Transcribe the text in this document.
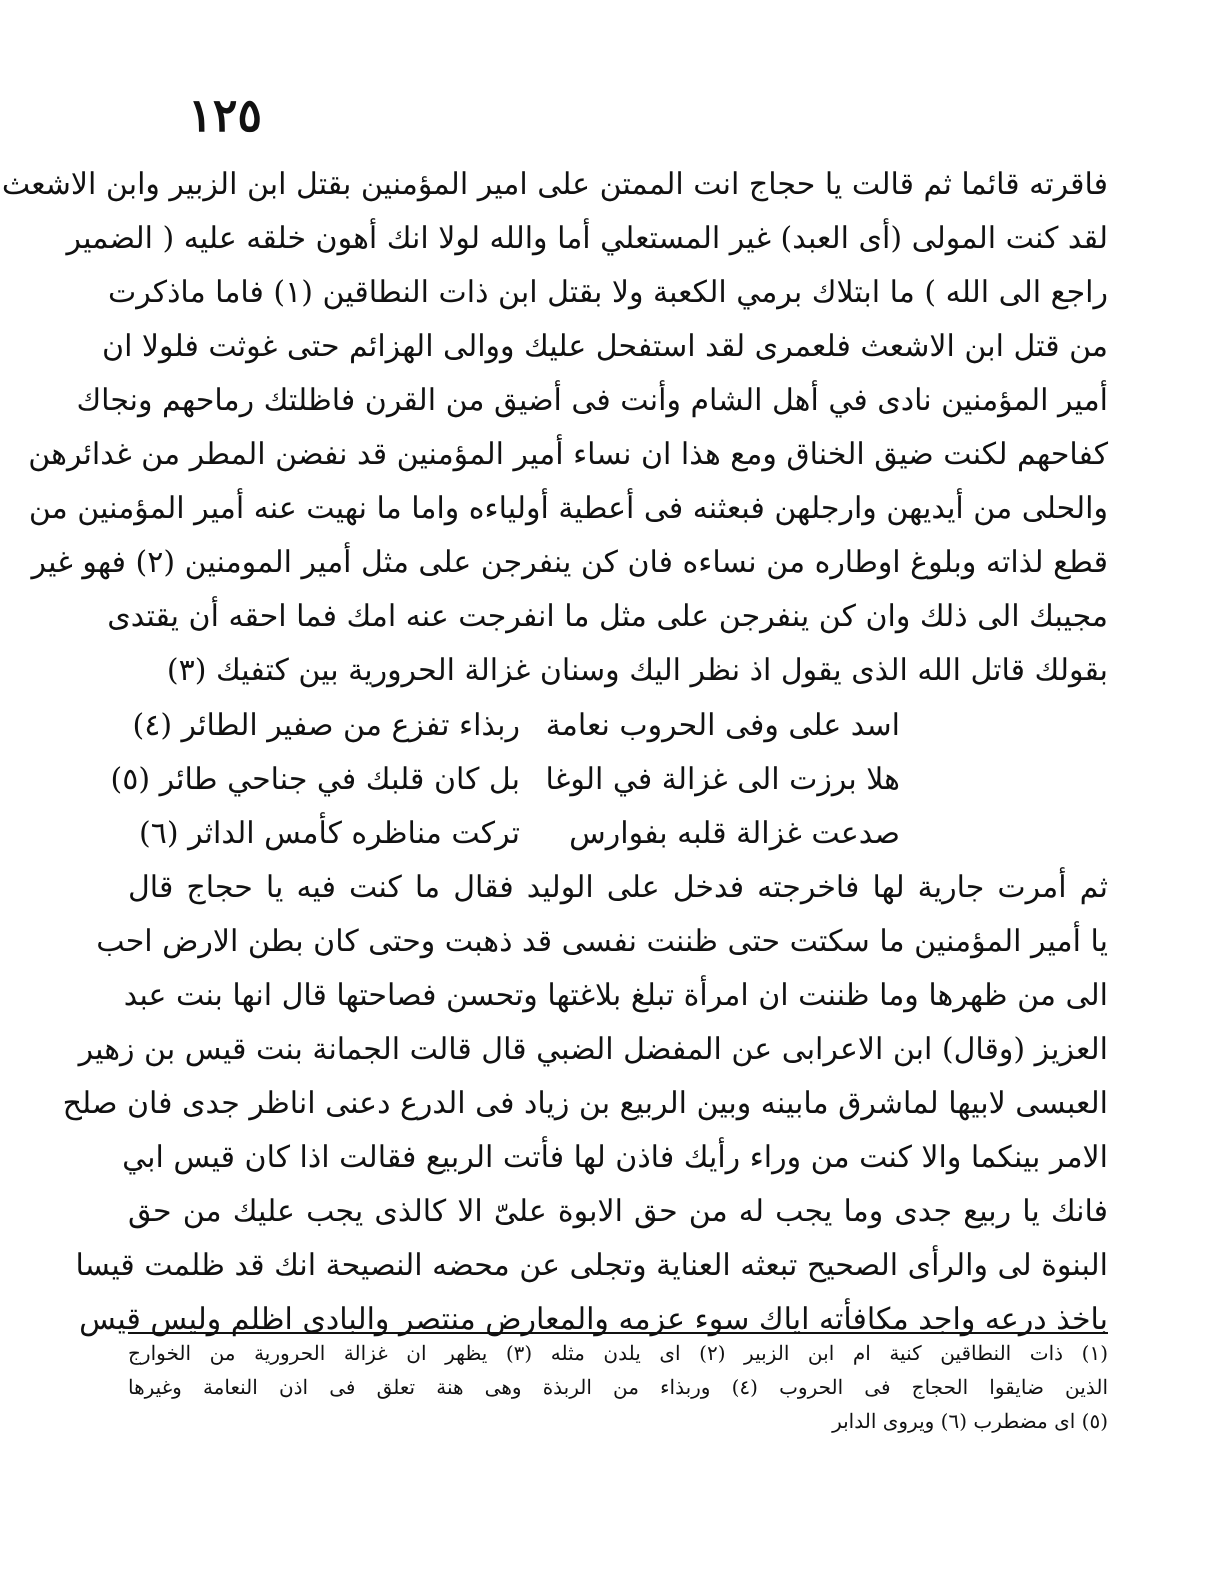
١٢٥
فاقرته قائما ثم قالت يا حجاج انت الممتن على امير المؤمنين بقتل ابن الزبير وابن الاشعث
لقد كنت المولى (أى العبد) غير المستعلي أما والله لولا انك أهون خلقه عليه ( الضمير
راجع الى الله ) ما ابتلاك برمي الكعبة ولا بقتل ابن ذات النطاقين (١) فاما ماذكرت
من قتل ابن الاشعث فلعمرى لقد استفحل عليك ووالى الهزائم حتى غوثت فلولا ان
أمير المؤمنين نادى في أهل الشام وأنت فى أضيق من القرن فاظلتك رماحهم ونجاك
كفاحهم لكنت ضيق الخناق ومع هذا ان نساء أمير المؤمنين قد نفضن المطر من غدائرهن
والحلى من أيديهن وارجلهن فبعثنه فى أعطية أولياءه واما ما نهيت عنه أمير المؤمنين من
قطع لذاته وبلوغ اوطاره من نساءه فان كن ينفرجن على مثل أمير المومنين (٢) فهو غير
مجيبك الى ذلك وان كن ينفرجن على مثل ما انفرجت عنه امك فما احقه أن يقتدى
بقولك قاتل الله الذى يقول اذ نظر اليك وسنان غزالة الحرورية بين كتفيك (٣)
اسد على وفى الحروب نعامة
ربذاء تفزع من صفير الطائر (٤)
هلا برزت الى غزالة في الوغا
بل كان قلبك في جناحي طائر (٥)
صدعت غزالة قلبه بفوارس
تركت مناظره كأمس الداثر (٦)
ثم أمرت جارية لها فاخرجته فدخل على الوليد فقال ما كنت فيه يا حجاج قال
يا أمير المؤمنين ما سكتت حتى ظننت نفسى قد ذهبت وحتى كان بطن الارض احب
الى من ظهرها وما ظننت ان امرأة تبلغ بلاغتها وتحسن فصاحتها قال انها بنت عبد
العزيز (وقال) ابن الاعرابى عن المفضل الضبي قال قالت الجمانة بنت قيس بن زهير
العبسى لابيها لماشرق مابينه وبين الربيع بن زياد فى الدرع دعنى اناظر جدى فان صلح
الامر بينكما والا كنت من وراء رأيك فاذن لها فأتت الربيع فقالت اذا كان قيس ابي
فانك يا ربيع جدى وما يجب له من حق الابوة علىّ الا كالذى يجب عليك من حق
البنوة لى والرأى الصحيح تبعثه العناية وتجلى عن محضه النصيحة انك قد ظلمت قيسا
باخذ درعه واجد مكافأته اياك سوء عزمه والمعارض منتصر والبادى اظلم وليس قيس
(١) ذات النطاقين كنية ام ابن الزبير (٢) اى يلدن مثله (٣) يظهر ان غزالة الحرورية من الخوارج
الذين ضايقوا الحجاج فى الحروب (٤) وربذاء من الربذة وهى هنة تعلق فى اذن النعامة وغيرها
(٥) اى مضطرب (٦) ويروى الدابر
